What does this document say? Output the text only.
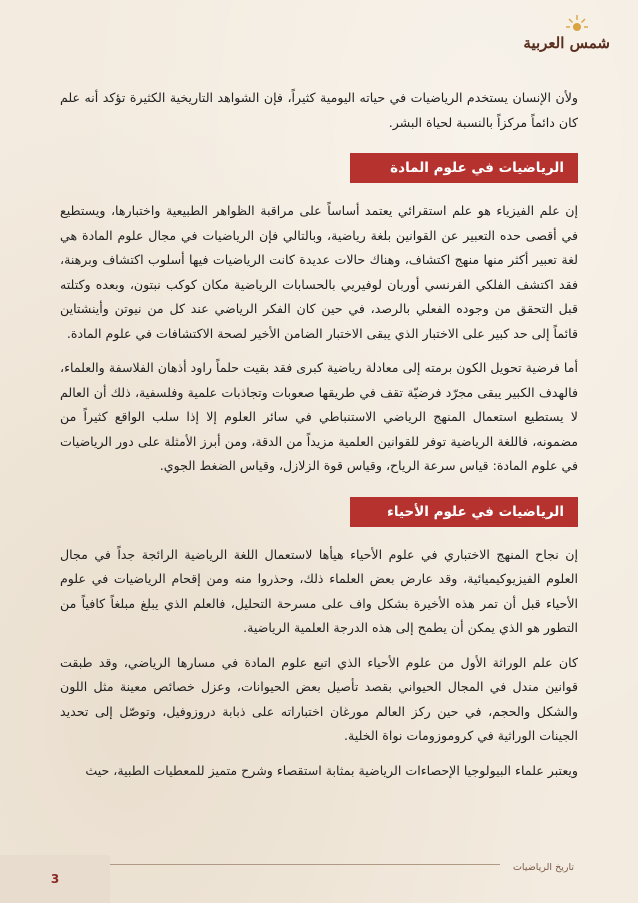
شمس العربية

ولأن الإنسان يستخدم الرياضيات في حياته اليومية كثيراً، فإن الشواهد التاريخية الكثيرة تؤكد أنه علم كان دائماً مركزاً بالنسبة لحياة البشر.

الرياضيات في علوم المادة

إن علم الفيزياء هو علم استقرائي يعتمد أساساً على مراقبة الظواهر الطبيعية واختبارها، ويستطيع في أقصى حده التعبير عن القوانين بلغة رياضية، وبالتالي فإن الرياضيات في مجال علوم المادة هي لغة تعبير أكثر منها منهج اكتشاف، وهناك حالات عديدة كانت الرياضيات فيها أسلوب اكتشاف وبرهنة، فقد اكتشف الفلكي الفرنسي أوربان لوفيريي بالحسابات الرياضية مكان كوكب نبتون، وبعده وكتلته قبل التحقق من وجوده الفعلي بالرصد، في حين كان الفكر الرياضي عند كل من نيوتن وأينشتاين قائماً إلى حد كبير على الاختبار الذي يبقى الاختبار الضامن الأخير لصحة الاكتشافات في علوم المادة.

أما فرضية تحويل الكون برمته إلى معادلة رياضية كبرى فقد بقيت حلماً راود أذهان الفلاسفة والعلماء، فالهدف الكبير يبقى مجرّد فرضيّة تقف في طريقها صعوبات وتجاذبات علمية وفلسفية، ذلك أن العالم لا يستطيع استعمال المنهج الرياضي الاستنباطي في سائر العلوم إلا إذا سلب الواقع كثيراً من مضمونه، فاللغة الرياضية توفر للقوانين العلمية مزيداً من الدقة، ومن أبرز الأمثلة على دور الرياضيات في علوم المادة: قياس سرعة الرياح، وقياس قوة الزلازل، وقياس الضغط الجوي.

الرياضيات في علوم الأحياء

إن نجاح المنهج الاختباري في علوم الأحياء هيأها لاستعمال اللغة الرياضية الرائجة جداً في مجال العلوم الفيزيوكيميائية، وقد عارض بعض العلماء ذلك، وحذروا منه ومن إقحام الرياضيات في علوم الأحياء قبل أن تمر هذه الأخيرة بشكل واف على مسرحة التحليل، فالعلم الذي يبلغ مبلغاً كافياً من التطور هو الذي يمكن أن يطمح إلى هذه الدرجة العلمية الرياضية.

كان علم الوراثة الأول من علوم الأحياء الذي اتبع علوم المادة في مسارها الرياضي، وقد طبقت قوانين مندل في المجال الحيواني بقصد تأصيل بعض الحيوانات، وعزل خصائص معينة مثل اللون والشكل والحجم، في حين ركز العالم مورغان اختباراته على ذبابة دروزوفيل، وتوصّل إلى تحديد الجينات الوراثية في كروموزومات نواة الخلية.

ويعتبر علماء البيولوجيا الإحصاءات الرياضية بمثابة استقصاء وشرح متميز للمعطيات الطبية، حيث

تاريخ الرياضيات
3
